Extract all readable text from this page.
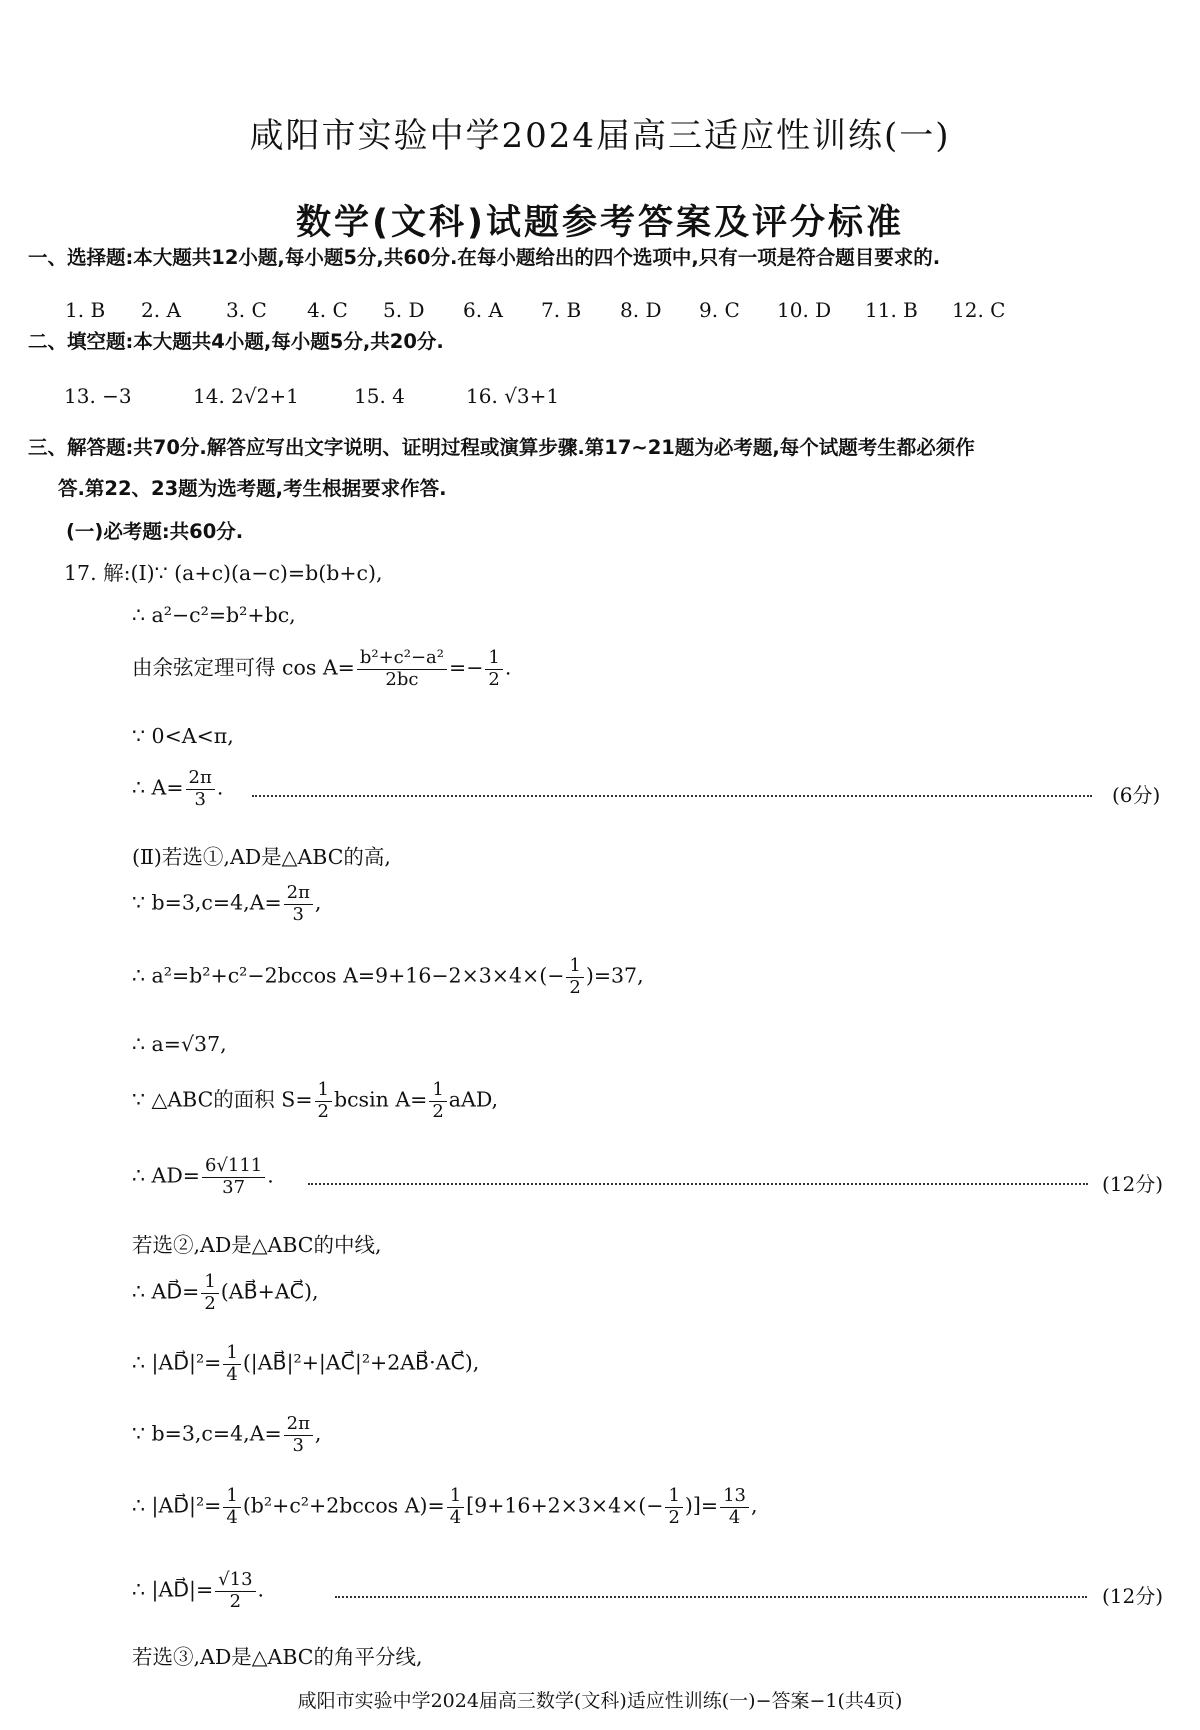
咸阳市实验中学2024届高三适应性训练(一)
数学(文科)试题参考答案及评分标准
一、选择题:本大题共12小题,每小题5分,共60分.在每小题给出的四个选项中,只有一项是符合题目要求的.
1. B 2. A 3. C 4. C 5. D 6. A 7. B 8. D 9. C 10. D 11. B 12. C
二、填空题:本大题共4小题,每小题5分,共20分.
13. −3	14. 2√2+1	15. 4	16. √3+1
三、解答题:共70分.解答应写出文字说明、证明过程或演算步骤.第17~21题为必考题,每个试题考生都必须作
答.第22、23题为选考题,考生根据要求作答.
(一)必考题:共60分.
17. 解:(Ⅰ)∵ (a+c)(a−c)=b(b+c),
∴ a²−c²=b²+bc,
由余弦定理可得 $\cos A= \frac{\text{b²+c²−a²}}{2bc} =- \frac{1}{2}$ .
∵ 0<A<π,
∴ $A= \frac{2\pi}{3}$ .	(6分)
(Ⅱ)若选①,AD是△ABC的高,
∵ $b=3,c=4,A= \frac{2\pi}{3}$ ,
∴ a²=b²+c²−2bccos $A=9+16-2\times 3\times 4\times(- \frac{1}{2} )=37$,
∴ a=√37,
∵ △ABC的面积 $S= \frac{1}{2}$ bcsin $A= \frac{1}{2}$ aAD,
∴ $AD= \frac{6√111}{37}$ .	(12分)
若选②,AD是△ABC的中线,
∴ AD⃗= $\frac{1}{2}$ (AB⃗+AC⃗),
∴ |AD⃗|²= $\frac{1}{4}$ (|AB⃗|²+|AC⃗|²+2AB⃗·AC⃗),
∵ $b=3,c=4,A= \frac{2\pi}{3}$ ,
∴ |AD⃗|²= $\frac{1}{4} (b^2+c^2+2bccos$ $A)= \frac{1}{4} [9+16+2\times 3\times 4\times(- \frac{1}{2}$ )]= $\frac{13}{4}$ ,
∴ |AD⃗|= $\frac{√13}{2}$ .	(12分)
若选③,AD是△ABC的角平分线,
咸阳市实验中学2024届高三数学(文科)适应性训练(一)−答案−1(共4页)
